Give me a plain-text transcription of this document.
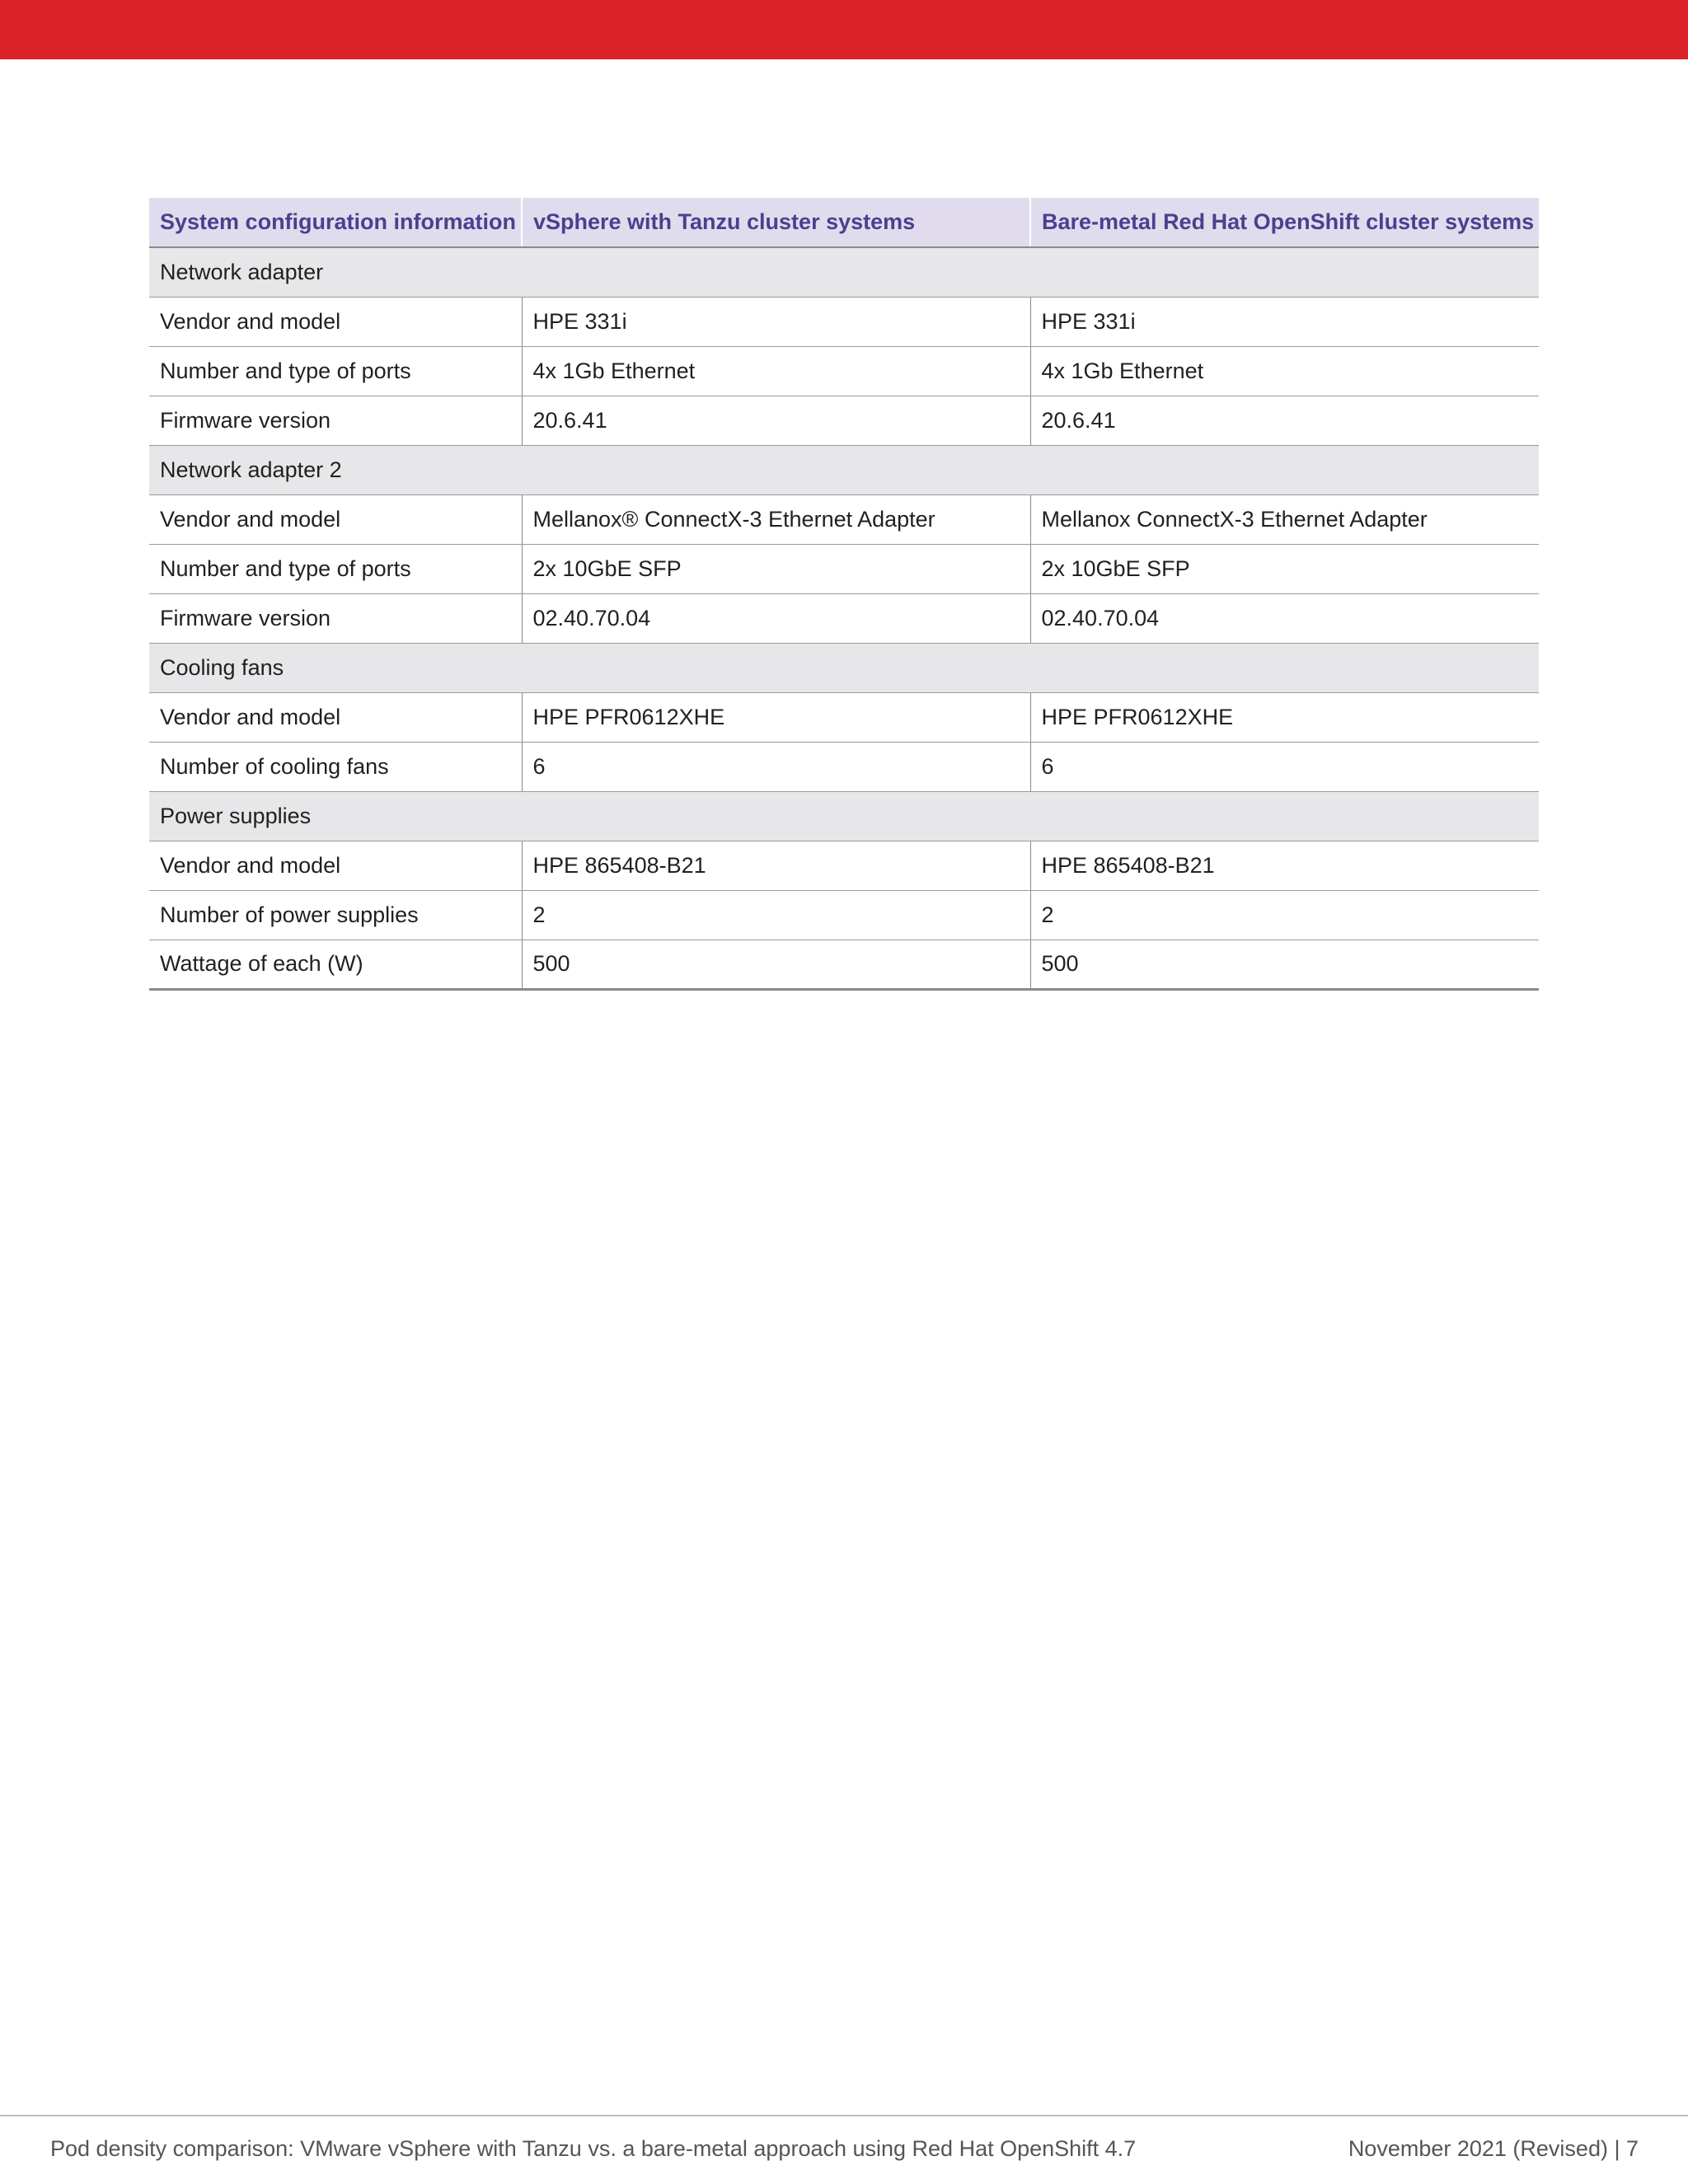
System configuration information	vSphere with Tanzu cluster systems	Bare-metal Red Hat OpenShift cluster systems
Network adapter		
Vendor and model	HPE 331i	HPE 331i
Number and type of ports	4x 1Gb Ethernet	4x 1Gb Ethernet
Firmware version	20.6.41	20.6.41
Network adapter 2		
Vendor and model	Mellanox® ConnectX-3 Ethernet Adapter	Mellanox ConnectX-3 Ethernet Adapter
Number and type of ports	2x 10GbE SFP	2x 10GbE SFP
Firmware version	02.40.70.04	02.40.70.04
Cooling fans		
Vendor and model	HPE PFR0612XHE	HPE PFR0612XHE
Number of cooling fans	6	6
Power supplies		
Vendor and model	HPE 865408-B21	HPE 865408-B21
Number of power supplies	2	2
Wattage of each (W)	500	500
Pod density comparison: VMware vSphere with Tanzu vs. a bare-metal approach using Red Hat OpenShift 4.7	November 2021 (Revised) | 7
